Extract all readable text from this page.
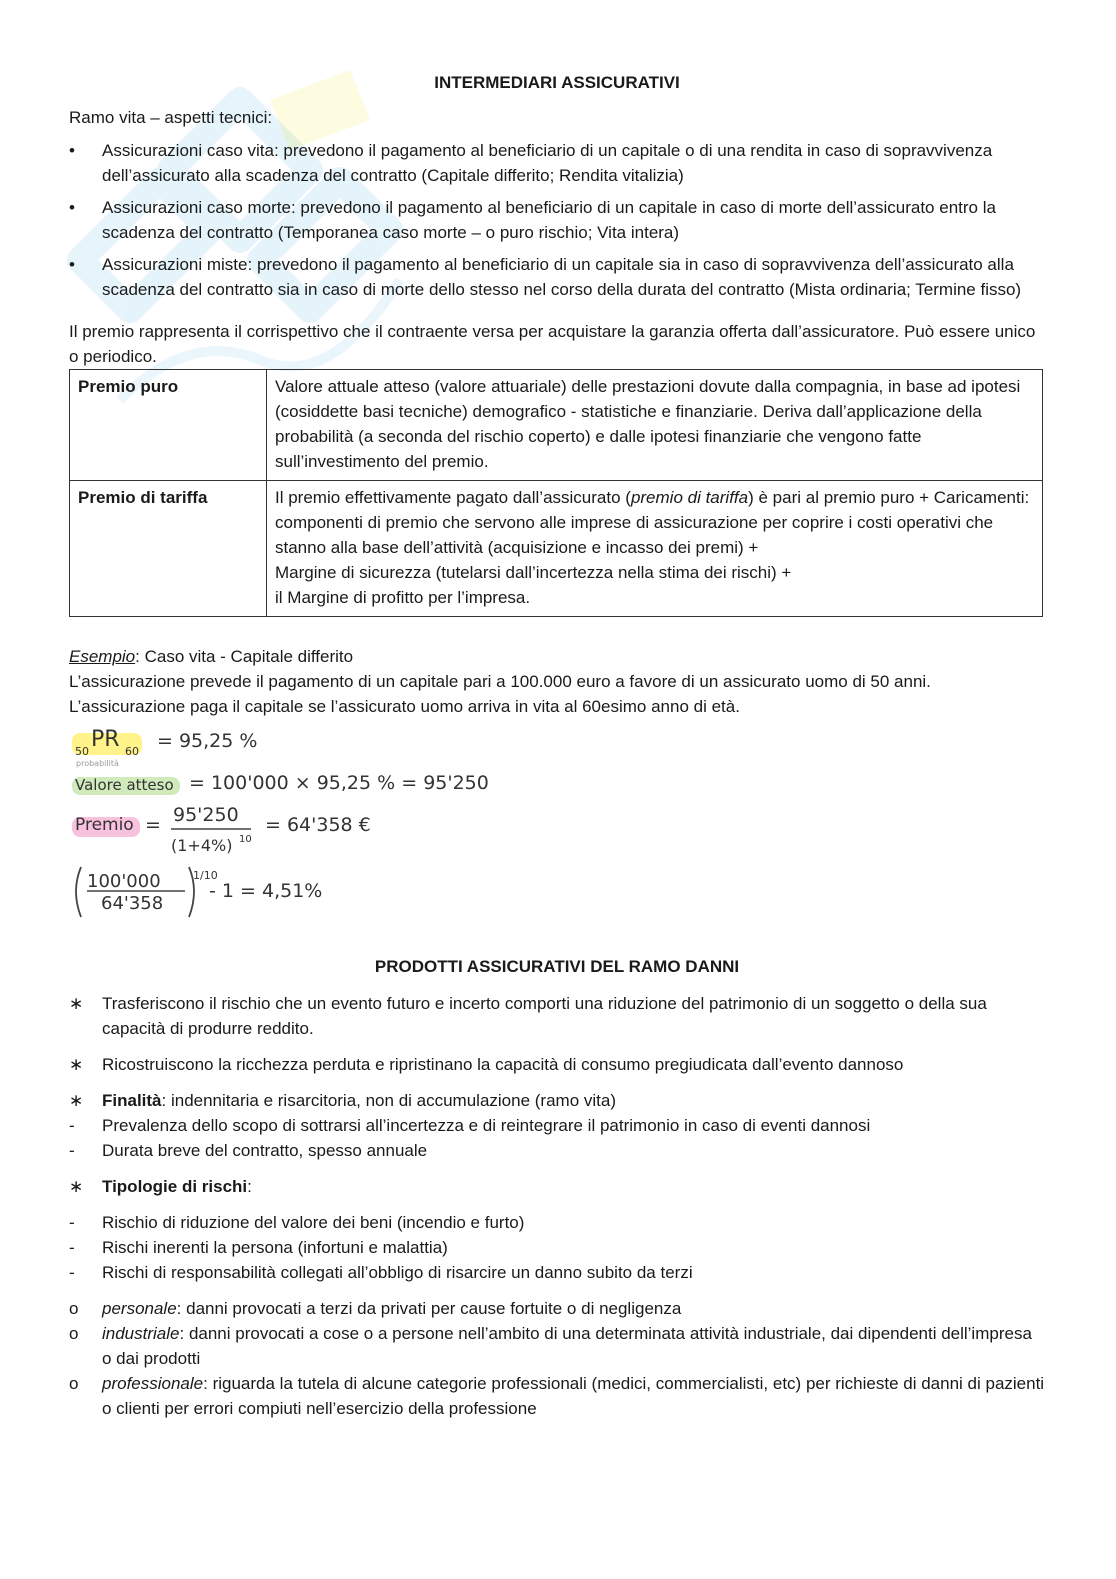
INTERMEDIARI ASSICURATIVI

Ramo vita – aspetti tecnici:

• Assicurazioni caso vita: prevedono il pagamento al beneficiario di un capitale o di una rendita in caso di sopravvivenza dell’assicurato alla scadenza del contratto (Capitale differito; Rendita vitalizia)
• Assicurazioni caso morte: prevedono il pagamento al beneficiario di un capitale in caso di morte dell’assicurato entro la scadenza del contratto (Temporanea caso morte – o puro rischio; Vita intera)
• Assicurazioni miste: prevedono il pagamento al beneficiario di un capitale sia in caso di sopravvivenza dell’assicurato alla scadenza del contratto sia in caso di morte dello stesso nel corso della durata del contratto (Mista ordinaria; Termine fisso)

Il premio rappresenta il corrispettivo che il contraente versa per acquistare la garanzia offerta dall’assicuratore. Può essere unico o periodico.

Premio puro	Valore attuale atteso (valore attuariale) delle prestazioni dovute dalla compagnia, in base ad ipotesi (cosiddette basi tecniche) demografico - statistiche e finanziarie. Deriva dall’applicazione della probabilità (a seconda del rischio coperto) e dalle ipotesi finanziarie che vengono fatte sull’investimento del premio.
Premio di tariffa	Il premio effettivamente pagato dall’assicurato (premio di tariffa) è pari al premio puro + Caricamenti: componenti di premio che servono alle imprese di assicurazione per coprire i costi operativi che stanno alla base dell’attività (acquisizione e incasso dei premi) +
Margine di sicurezza (tutelarsi dall’incertezza nella stima dei rischi) +
il Margine di profitto per l’impresa.

Esempio: Caso vita - Capitale differito

L’assicurazione prevede il pagamento di un capitale pari a 100.000 euro a favore di un assicurato uomo di 50 anni.

L’assicurazione paga il capitale se l’assicurato uomo arriva in vita al 60esimo anno di età.

50 PR 60
probabilità
= 95,25 %
Valore atteso = 100'000 × 95,25 % = 95'250
Premio = 95'250
(1+4%) 10
= 64'358 €
100'000
64'358
1/10
- 1 = 4,51%

PRODOTTI ASSICURATIVI DEL RAMO DANNI

∗	Trasferiscono il rischio che un evento futuro e incerto comporti una riduzione del patrimonio di un soggetto o della sua capacità di produrre reddito.
∗	Ricostruiscono la ricchezza perduta e ripristinano la capacità di consumo pregiudicata dall’evento dannoso
∗	Finalità: indennitaria e risarcitoria, non di accumulazione (ramo vita)
-	Prevalenza dello scopo di sottrarsi all’incertezza e di reintegrare il patrimonio in caso di eventi dannosi
-	Durata breve del contratto, spesso annuale
∗	Tipologie di rischi:
-	Rischio di riduzione del valore dei beni (incendio e furto)
-	Rischi inerenti la persona (infortuni e malattia)
-	Rischi di responsabilità collegati all’obbligo di risarcire un danno subito da terzi
o	personale: danni provocati a terzi da privati per cause fortuite o di negligenza
o	industriale: danni provocati a cose o a persone nell’ambito di una determinata attività industriale, dai dipendenti dell’impresa o dai prodotti
o	professionale: riguarda la tutela di alcune categorie professionali (medici, commercialisti, etc) per richieste di danni di pazienti o clienti per errori compiuti nell’esercizio della professione
